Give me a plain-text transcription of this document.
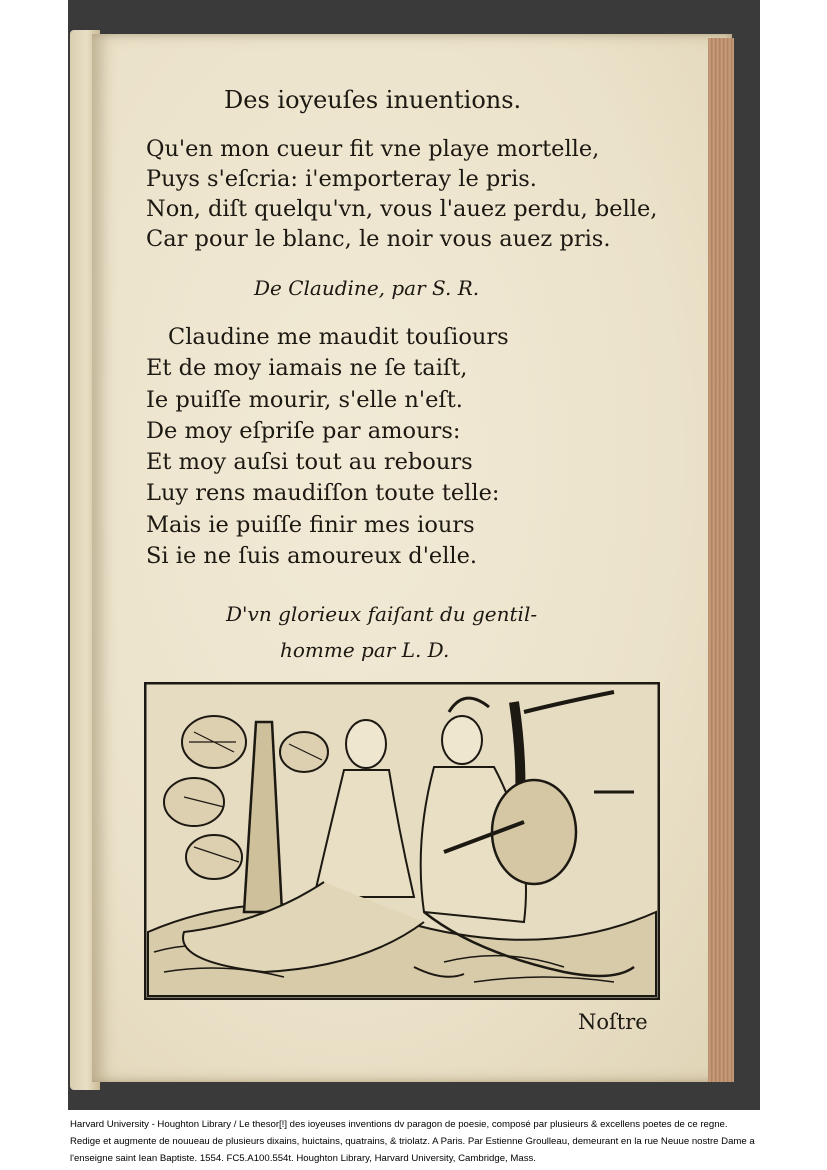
Des ioyeuſes inuentions.
Qu'en mon cueur fit vne playe mortelle,
Puys s'eſcria: i'emporteray le pris.
Non, diſt quelqu'vn, vous l'auez perdu, belle,
Car pour le blanc, le noir vous auez pris.
De Claudine, par S. R.
Claudine me maudit touſiours
Et de moy iamais ne ſe taiſt,
Ie puiſſe mourir, s'elle n'eſt.
De moy eſpriſe par amours:
Et moy auſsi tout au rebours
Luy rens maudiſſon toute telle:
Mais ie puiſſe finir mes iours
Si ie ne ſuis amoureux d'elle.
D'vn glorieux faiſant du gentil-
homme par L. D.
Noſtre
Harvard University - Houghton Library / Le thesor[!] des ioyeuses inventions dv paragon de poesie, composé par plusieurs & excellens poetes de ce regne. Redige et augmente de nouueau de plusieurs dixains, huictains, quatrains, & triolatz. A Paris. Par Estienne Groulleau, demeurant en la rue Neuue nostre Dame a l'enseigne saint Iean Baptiste. 1554. FC5.A100.554t. Houghton Library, Harvard University, Cambridge, Mass.
